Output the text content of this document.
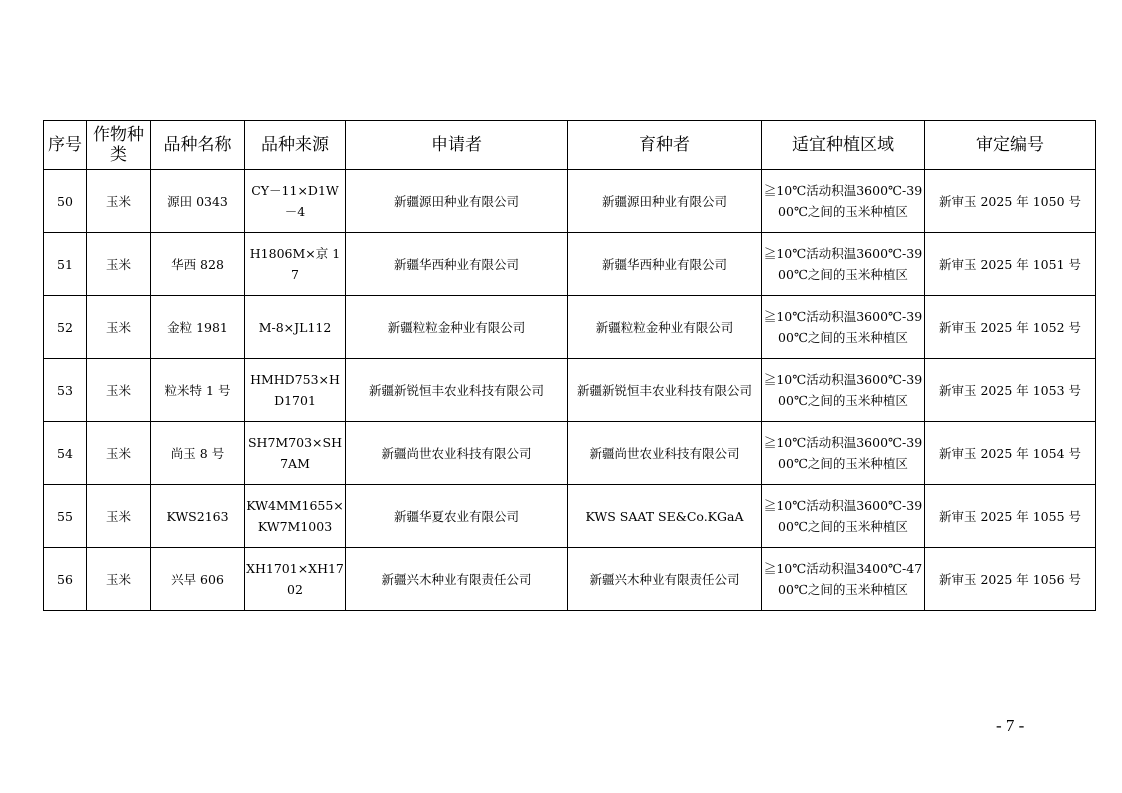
序号	作物种类	品种名称	品种来源	申请者	育种者	适宜种植区域	审定编号
50	玉米	源田 0343	CY－11×D1W－4	新疆源田种业有限公司	新疆源田种业有限公司	≧10℃活动积温3600℃-3900℃之间的玉米种植区	新审玉 2025 年 1050 号
51	玉米	华西 828	H1806M×京 17	新疆华西种业有限公司	新疆华西种业有限公司	≧10℃活动积温3600℃-3900℃之间的玉米种植区	新审玉 2025 年 1051 号
52	玉米	金粒 1981	M-8×JL112	新疆粒粒金种业有限公司	新疆粒粒金种业有限公司	≧10℃活动积温3600℃-3900℃之间的玉米种植区	新审玉 2025 年 1052 号
53	玉米	粒米特 1 号	HMHD753×HD1701	新疆新锐恒丰农业科技有限公司	新疆新锐恒丰农业科技有限公司	≧10℃活动积温3600℃-3900℃之间的玉米种植区	新审玉 2025 年 1053 号
54	玉米	尚玉 8 号	SH7M703×SH7AM	新疆尚世农业科技有限公司	新疆尚世农业科技有限公司	≧10℃活动积温3600℃-3900℃之间的玉米种植区	新审玉 2025 年 1054 号
55	玉米	KWS2163	KW4MM1655×KW7M1003	新疆华夏农业有限公司	KWS SAAT SE&Co.KGaA	≧10℃活动积温3600℃-3900℃之间的玉米种植区	新审玉 2025 年 1055 号
56	玉米	兴早 606	XH1701×XH1702	新疆兴木种业有限责任公司	新疆兴木种业有限责任公司	≧10℃活动积温3400℃-4700℃之间的玉米种植区	新审玉 2025 年 1056 号
- 7 -
